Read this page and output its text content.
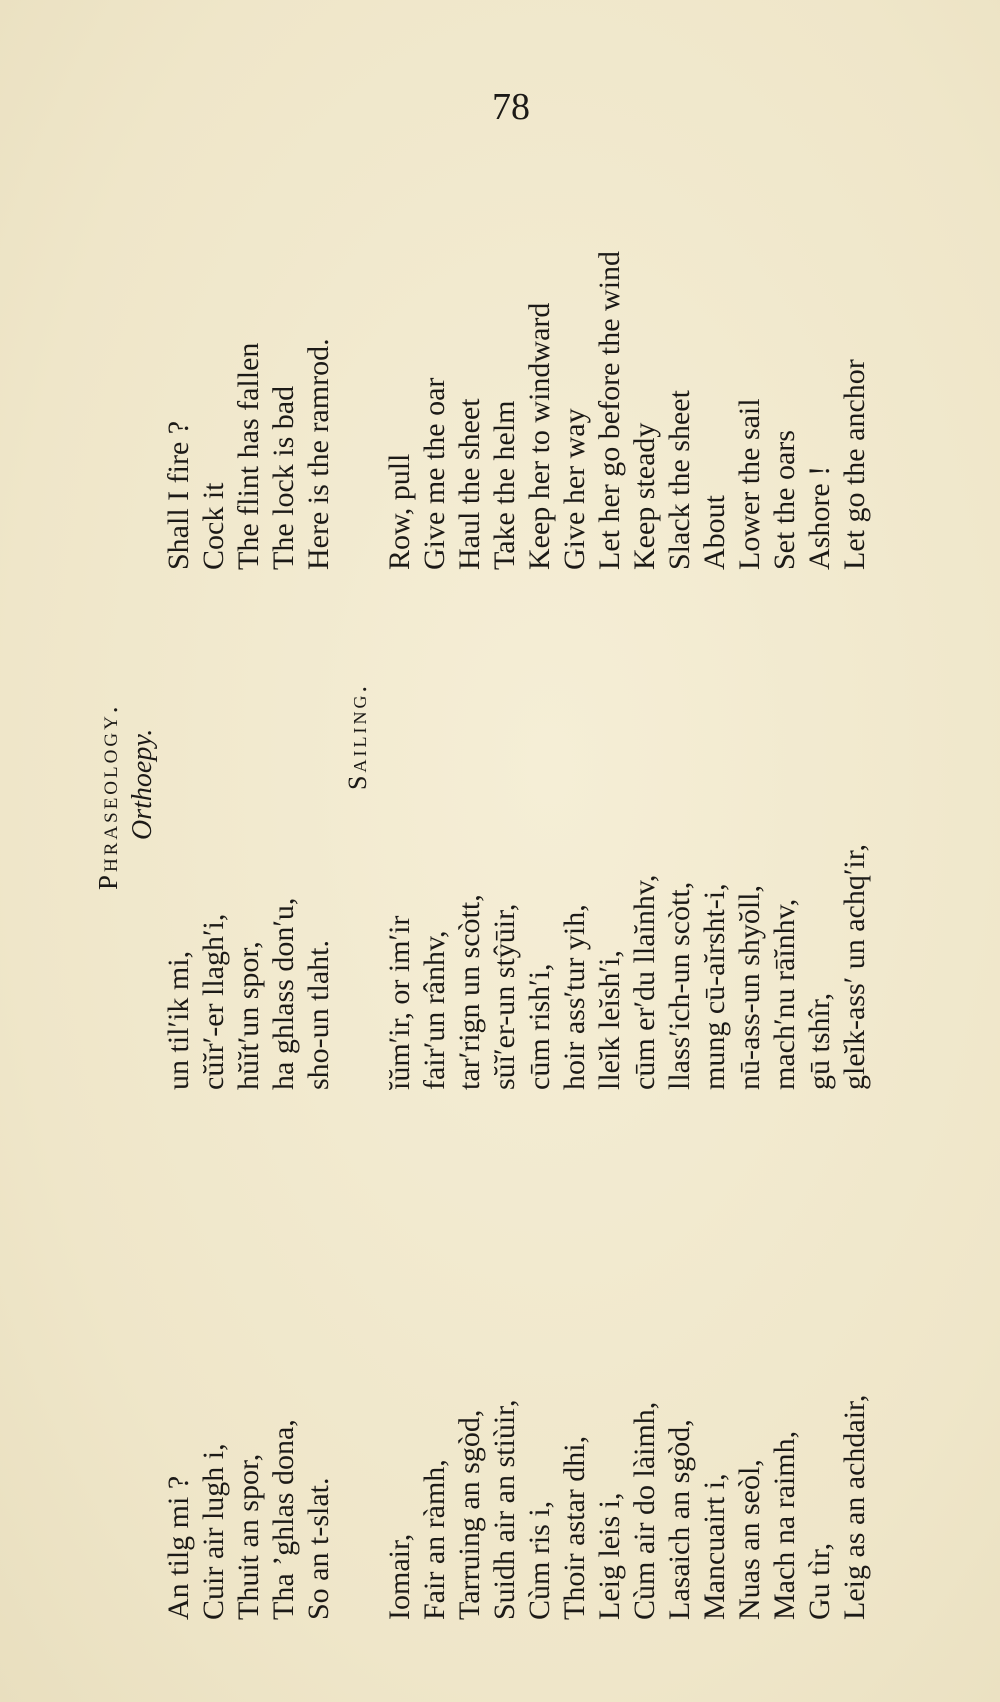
78
Phraseology. Orthoepy.	Sailing.
An tilg mi ? Cuir air lugh i, Thuit an spor, Tha ’ghlas dona, So an t-slat.
un til′ik mi, cŭĭr′-er llagh′i, hŭĭt′un spor, ha ghlass don′u, sho-un tlaht.
Shall I fire ? Cock it The flint has fallen The lock is bad Here is the ramrod.
Iomair, Fair an ràmh, Tarruing an sgòd, Suidh air an stiùir, Cùm ris i, Thoir astar dhi, Leig leis i, Cùm air do làimh, Lasaich an sgòd, Mancuairt i, Nuas an seòl, Mach na raimh, Gu tìr, Leig as an achdair,
ĭŭm′ir, or im′ir fair′un rânhv, tar′rign un scòtt, sŭĭ′er-un stŷūir, cūm rish′i, hoir ass′tur yih, lleĭk leĭsh′i, cūm er′du llaĭnhv, llass′ich-un scòtt, mung cū-aĭrsht-i, nū-ass-un shyŏll, mach′nu rāĭnhv, gū tshîr, gleĭk-ass′ un achq′ir,
Row, pull Give me the oar Haul the sheet Take the helm Keep her to windward Give her way Let her go before the wind Keep steady Slack the sheet About Lower the sail Set the oars Ashore ! Let go the anchor
